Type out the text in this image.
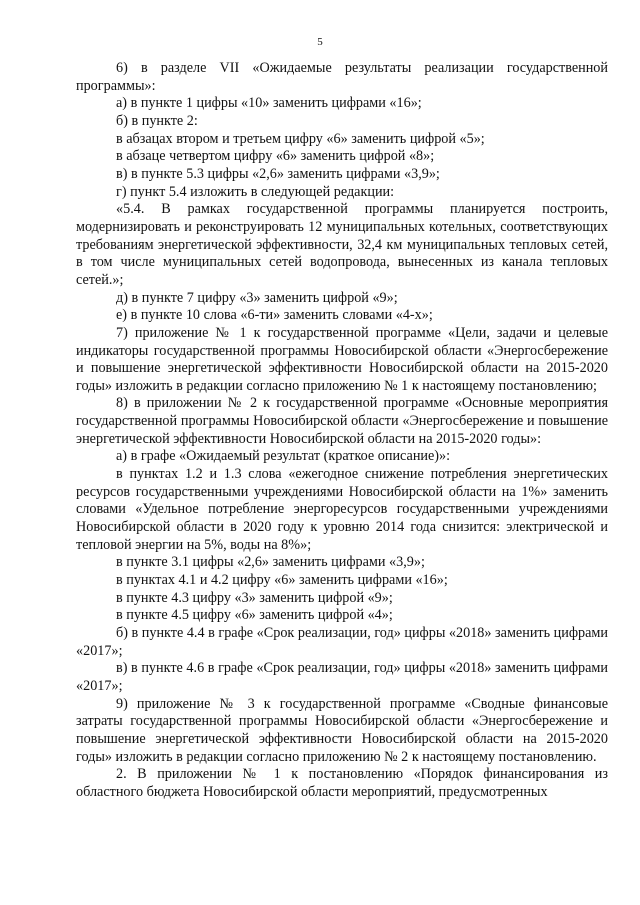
5

6) в разделе VII «Ожидаемые результаты реализации государственной программы»:

а) в пункте 1 цифры «10» заменить цифрами «16»;

б) в пункте 2:

в абзацах втором и третьем цифру «6» заменить цифрой «5»;

в абзаце четвертом цифру «6» заменить цифрой «8»;

в) в пункте 5.3 цифры «2,6» заменить цифрами «3,9»;

г) пункт 5.4 изложить в следующей редакции:

«5.4. В рамках государственной программы планируется построить, модернизировать и реконструировать 12 муниципальных котельных, соответствующих требованиям энергетической эффективности, 32,4 км муниципальных тепловых сетей, в том числе муниципальных сетей водопровода, вынесенных из канала тепловых сетей.»;

д) в пункте 7 цифру «3» заменить цифрой «9»;

е) в пункте 10 слова «6-ти» заменить словами «4-х»;

7) приложение № 1 к государственной программе «Цели, задачи и целевые индикаторы государственной программы Новосибирской области «Энергосбережение и повышение энергетической эффективности Новосибирской области на 2015-2020 годы» изложить в редакции согласно приложению № 1 к настоящему постановлению;

8) в приложении № 2 к государственной программе «Основные мероприятия государственной программы Новосибирской области «Энергосбережение и повышение энергетической эффективности Новосибирской области на 2015-2020 годы»:

а) в графе «Ожидаемый результат (краткое описание)»:

в пунктах 1.2 и 1.3 слова «ежегодное снижение потребления энергетических ресурсов государственными учреждениями Новосибирской области на 1%» заменить словами «Удельное потребление энергоресурсов государственными учреждениями Новосибирской области в 2020 году к уровню 2014 года снизится: электрической и тепловой энергии на 5%, воды на 8%»;

в пункте 3.1 цифры «2,6» заменить цифрами «3,9»;

в пунктах 4.1 и 4.2 цифру «6» заменить цифрами «16»;

в пункте 4.3 цифру «3» заменить цифрой «9»;

в пункте 4.5 цифру «6» заменить цифрой «4»;

б) в пункте 4.4 в графе «Срок реализации, год» цифры «2018» заменить цифрами «2017»;

в) в пункте 4.6 в графе «Срок реализации, год» цифры «2018» заменить цифрами «2017»;

9) приложение № 3 к государственной программе «Сводные финансовые затраты государственной программы Новосибирской области «Энергосбережение и повышение энергетической эффективности Новосибирской области на 2015-2020 годы» изложить в редакции согласно приложению № 2 к настоящему постановлению.

2. В приложении № 1 к постановлению «Порядок финансирования из областного бюджета Новосибирской области мероприятий, предусмотренных
